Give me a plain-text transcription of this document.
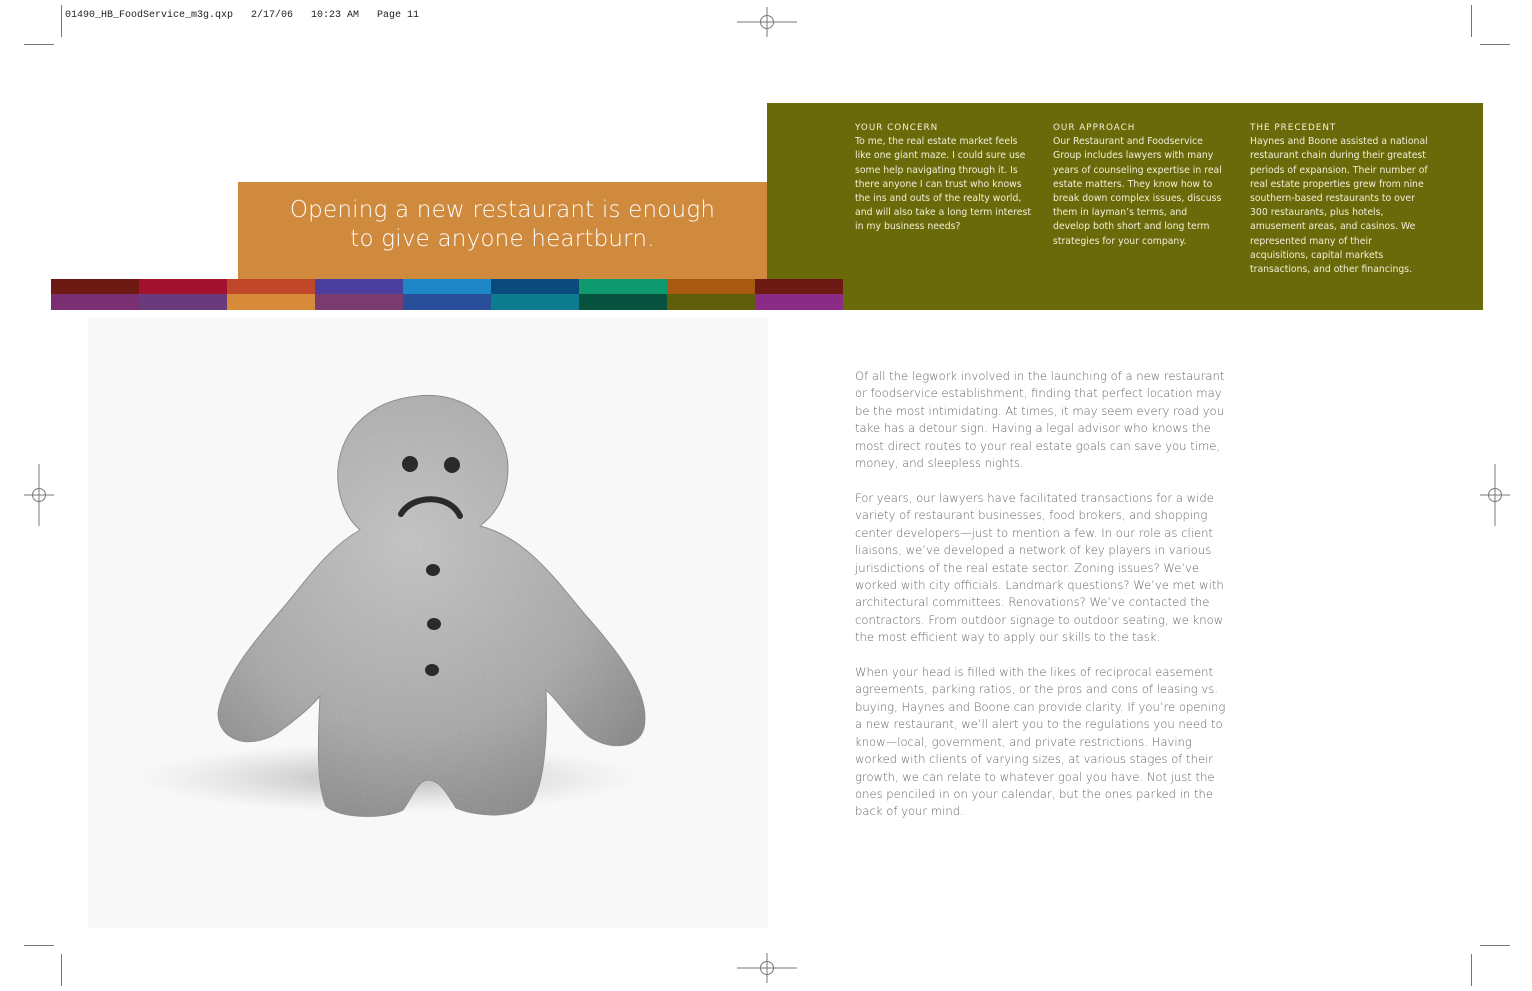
01490_HB_FoodService_m3g.qxp   2/17/06   10:23 AM   Page 11
Opening a new restaurant is enough
to give anyone heartburn.
YOUR CONCERN
To me, the real estate market feels like one giant maze. I could sure use some help navigating through it. Is there anyone I can trust who knows the ins and outs of the realty world, and will also take a long term interest in my business needs?
OUR APPROACH
Our Restaurant and Foodservice Group includes lawyers with many years of counseling expertise in real estate matters. They know how to break down complex issues, discuss them in layman’s terms, and develop both short and long term strategies for your company.
THE PRECEDENT
Haynes and Boone assisted a national restaurant chain during their greatest periods of expansion. Their number of real estate properties grew from nine southern-based restaurants to over 300 restaurants, plus hotels, amusement areas, and casinos. We represented many of their acquisitions, capital markets transactions, and other financings.

Of all the legwork involved in the launching of a new restaurant or foodservice establishment, finding that perfect location may be the most intimidating. At times, it may seem every road you take has a detour sign. Having a legal advisor who knows the most direct routes to your real estate goals can save you time, money, and sleepless nights.

For years, our lawyers have facilitated transactions for a wide variety of restaurant businesses, food brokers, and shopping center developers—just to mention a few. In our role as client liaisons, we’ve developed a network of key players in various jurisdictions of the real estate sector. Zoning issues? We’ve worked with city officials. Landmark questions? We’ve met with architectural committees. Renovations? We’ve contacted the contractors. From outdoor signage to outdoor seating, we know the most efficient way to apply our skills to the task.

When your head is filled with the likes of reciprocal easement agreements, parking ratios, or the pros and cons of leasing vs. buying, Haynes and Boone can provide clarity. If you’re opening a new restaurant, we’ll alert you to the regulations you need to know—local, government, and private restrictions. Having worked with clients of varying sizes, at various stages of their growth, we can relate to whatever goal you have. Not just the ones penciled in on your calendar, but the ones parked in the back of your mind.
